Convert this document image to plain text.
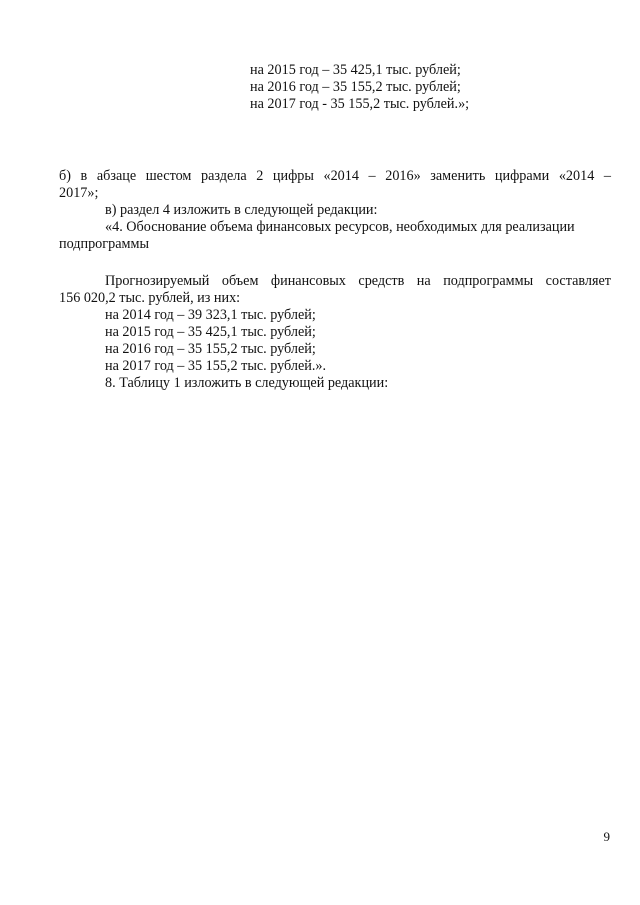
на 2015 год – 35 425,1 тыс. рублей;
на 2016 год – 35 155,2 тыс. рублей;
на 2017 год - 35 155,2 тыс. рублей.»;
б) в абзаце шестом раздела 2 цифры «2014 – 2016» заменить цифрами «2014 –
2017»;
в) раздел 4 изложить в следующей редакции:
«4. Обоснование объема финансовых ресурсов, необходимых для реализации
подпрограммы
Прогнозируемый объем финансовых средств на подпрограммы составляет
156 020,2 тыс. рублей, из них:
на 2014 год – 39 323,1 тыс. рублей;
на 2015 год – 35 425,1 тыс. рублей;
на 2016 год – 35 155,2 тыс. рублей;
на 2017 год – 35 155,2 тыс. рублей.».
8. Таблицу 1 изложить в следующей редакции:
9
